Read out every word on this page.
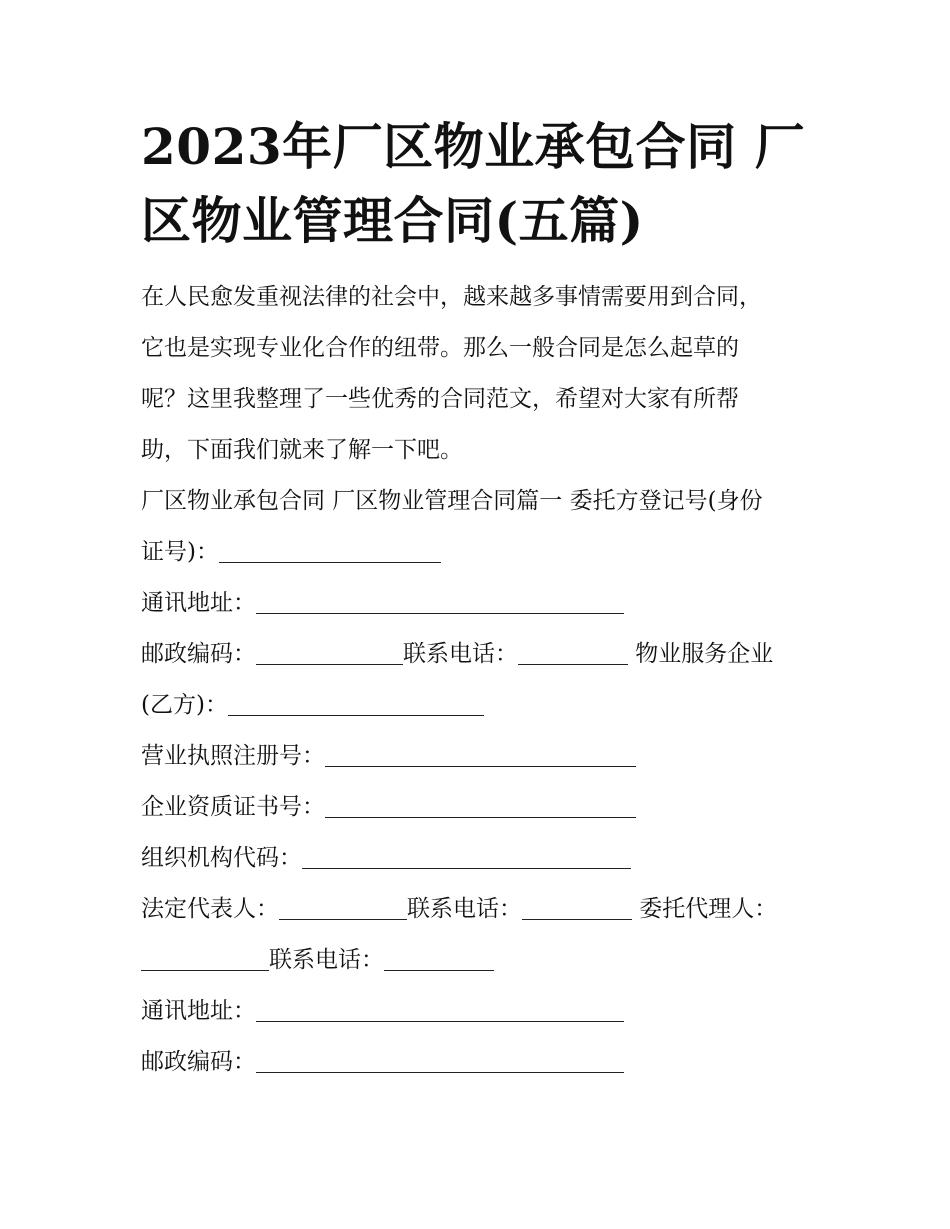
2023年厂区物业承包合同 厂
区物业管理合同(五篇)
在人民愈发重视法律的社会中，越来越多事情需要用到合同，
它也是实现专业化合作的纽带。那么一般合同是怎么起草的
呢？这里我整理了一些优秀的合同范文，希望对大家有所帮
助，下面我们就来了解一下吧。
厂区物业承包合同 厂区物业管理合同篇一 委托方登记号(身份
证号)：
通讯地址：
邮政编码：	联系电话：	物业服务企业
(乙方)：
营业执照注册号：
企业资质证书号：
组织机构代码：
法定代表人：	联系电话：	委托代理人：
联系电话：
通讯地址：
邮政编码：
